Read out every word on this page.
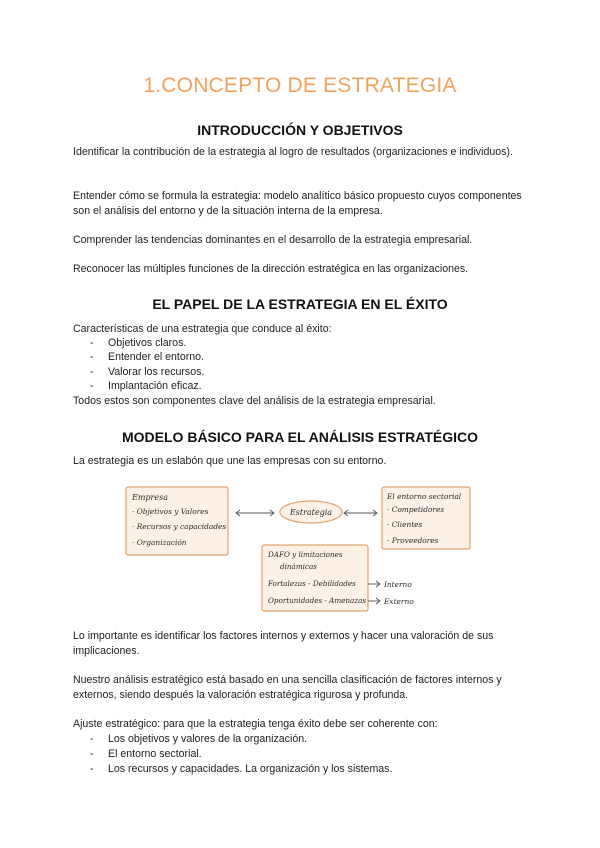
1.CONCEPTO DE ESTRATEGIA
INTRODUCCIÓN Y OBJETIVOS
Identificar la contribución de la estrategia al logro de resultados (organizaciones e individuos).
Entender cómo se formula la estrategia: modelo analítico básico propuesto cuyos componentes son el análisis del entorno y de la situación interna de la empresa.
Comprender las tendencias dominantes en el desarrollo de la estrategia empresarial.
Reconocer las múltiples funciones de la dirección estratégica en las organizaciones.
EL PAPEL DE LA ESTRATEGIA EN EL ÉXITO
Características de una estrategia que conduce al éxito:
- Objetivos claros.
- Entender el entorno.
- Valorar los recursos.
- Implantación eficaz.
Todos estos son componentes clave del análisis de la estrategia empresarial.
MODELO BÁSICO PARA EL ANÁLISIS ESTRATÉGICO
La estrategia es un eslabón que une las empresas con su entorno.
Empresa
· Objetivos y Valores
· Recursos y capacidades
· Organización
Estrategia
El entorno sectorial
· Competidores
· Clientes
· Proveedores
DAFO y limitaciones
dinámicas
Fortalezas - Debilidades
Oportunidades - Amenazas
Interno
Externo
Lo importante es identificar los factores internos y externos y hacer una valoración de sus implicaciones.
Nuestro análisis estratégico está basado en una sencilla clasificación de factores internos y externos, siendo después la valoración estratégica rigurosa y profunda.
Ajuste estratégico: para que la estrategia tenga éxito debe ser coherente con:
- Los objetivos y valores de la organización.
- El entorno sectorial.
- Los recursos y capacidades. La organización y los sistemas.
